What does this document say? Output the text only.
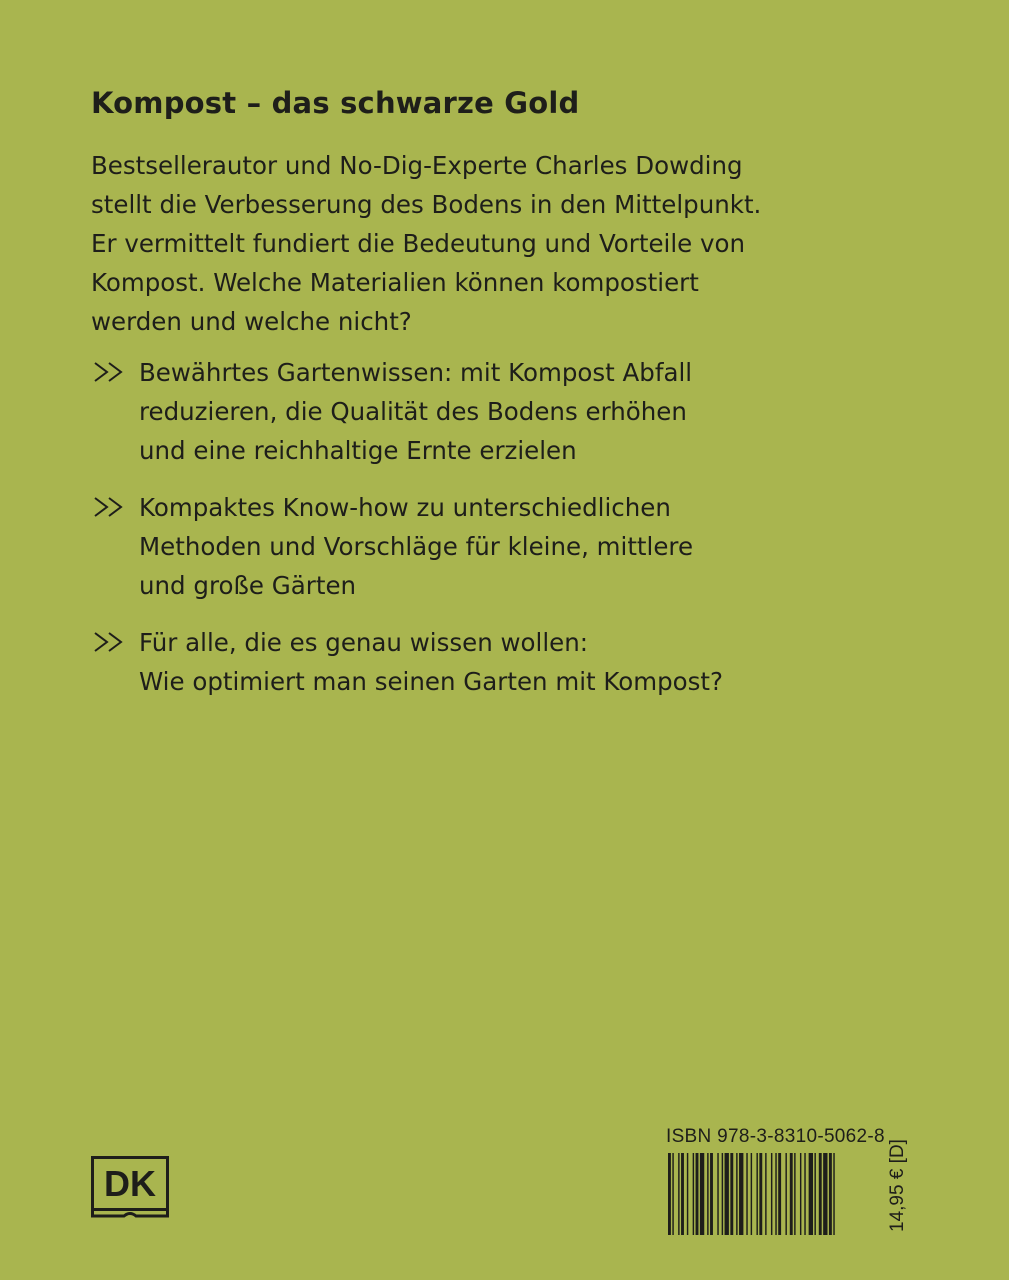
Kompost – das schwarze Gold
Bestsellerautor und No-Dig-Experte Charles Dowding
stellt die Verbesserung des Bodens in den Mittelpunkt.
Er vermittelt fundiert die Bedeutung und Vorteile von
Kompost. Welche Materialien können kompostiert
werden und welche nicht?
Bewährtes Gartenwissen: mit Kompost Abfall
reduzieren, die Qualität des Bodens erhöhen
und eine reichhaltige Ernte erzielen
Kompaktes Know-how zu unterschiedlichen
Methoden und Vorschläge für kleine, mittlere
und große Gärten
Für alle, die es genau wissen wollen:
Wie optimiert man seinen Garten mit Kompost?
DK
ISBN 978-3-8310-5062-8
14,95 € [D]
